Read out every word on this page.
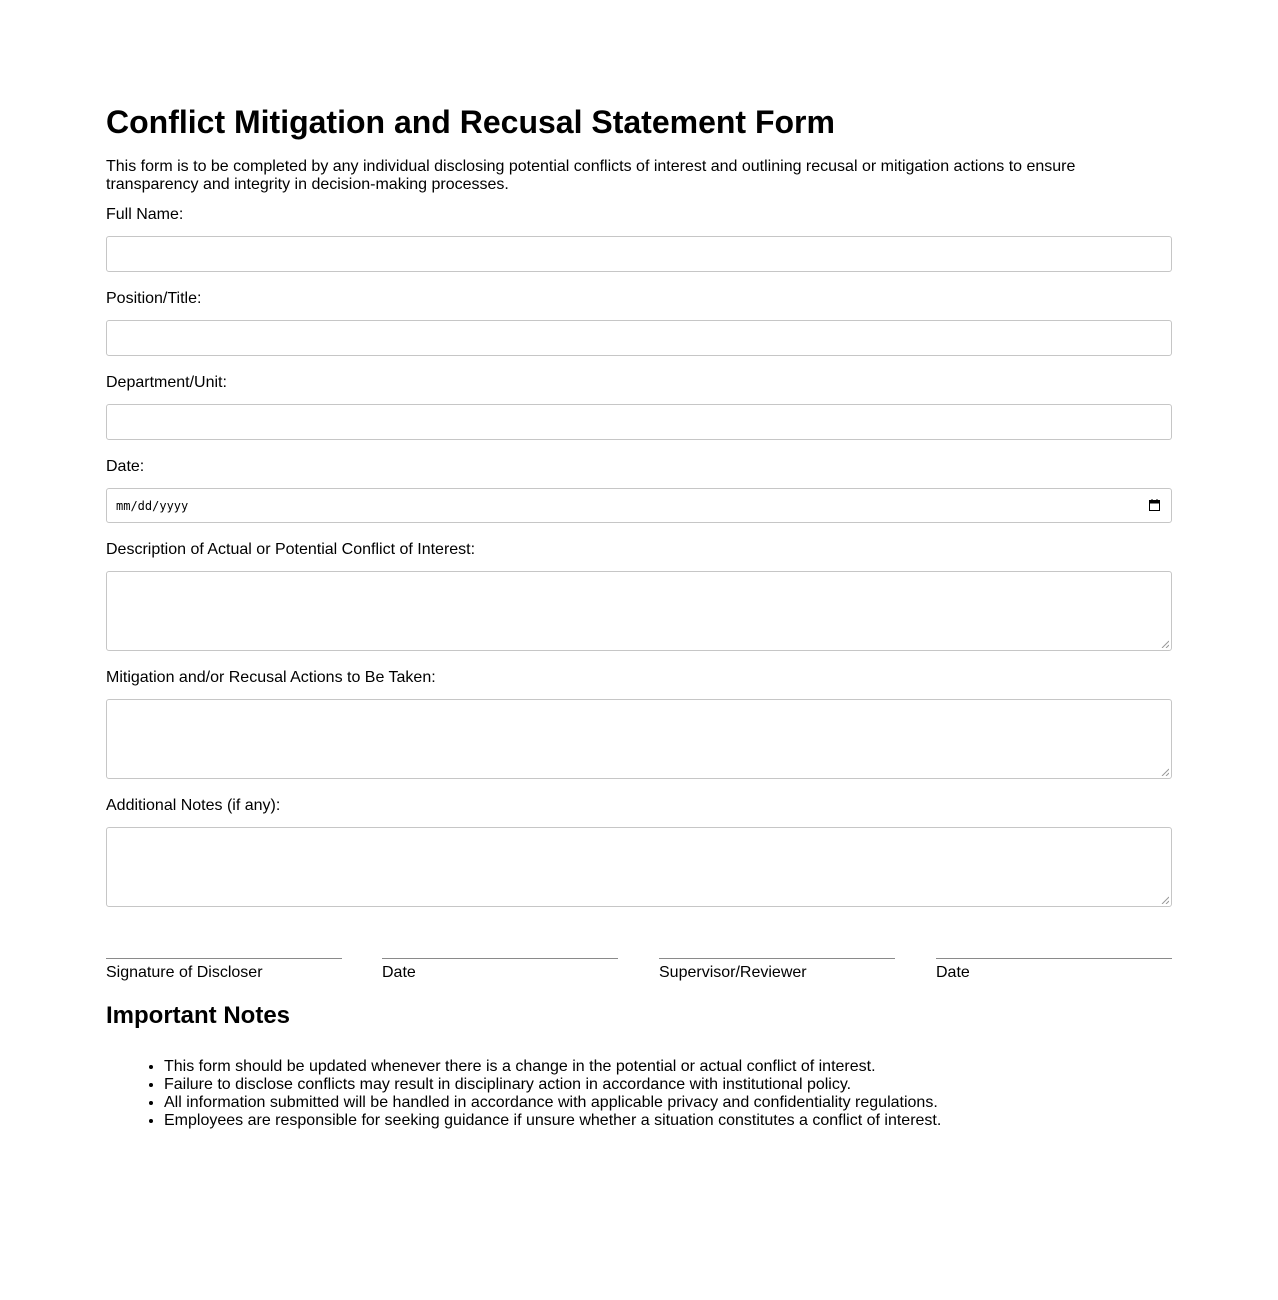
Conflict Mitigation and Recusal Statement Form

This form is to be completed by any individual disclosing potential conflicts of interest and outlining recusal or mitigation actions to ensure transparency and integrity in decision-making processes.

Full Name:
Position/Title:
Department/Unit:
Date:
mm/dd/yyyy
Description of Actual or Potential Conflict of Interest:
Mitigation and/or Recusal Actions to Be Taken:
Additional Notes (if any):
Signature of Discloser	Date	Supervisor/Reviewer	Date
Important Notes
• This form should be updated whenever there is a change in the potential or actual conflict of interest.
• Failure to disclose conflicts may result in disciplinary action in accordance with institutional policy.
• All information submitted will be handled in accordance with applicable privacy and confidentiality regulations.
• Employees are responsible for seeking guidance if unsure whether a situation constitutes a conflict of interest.
